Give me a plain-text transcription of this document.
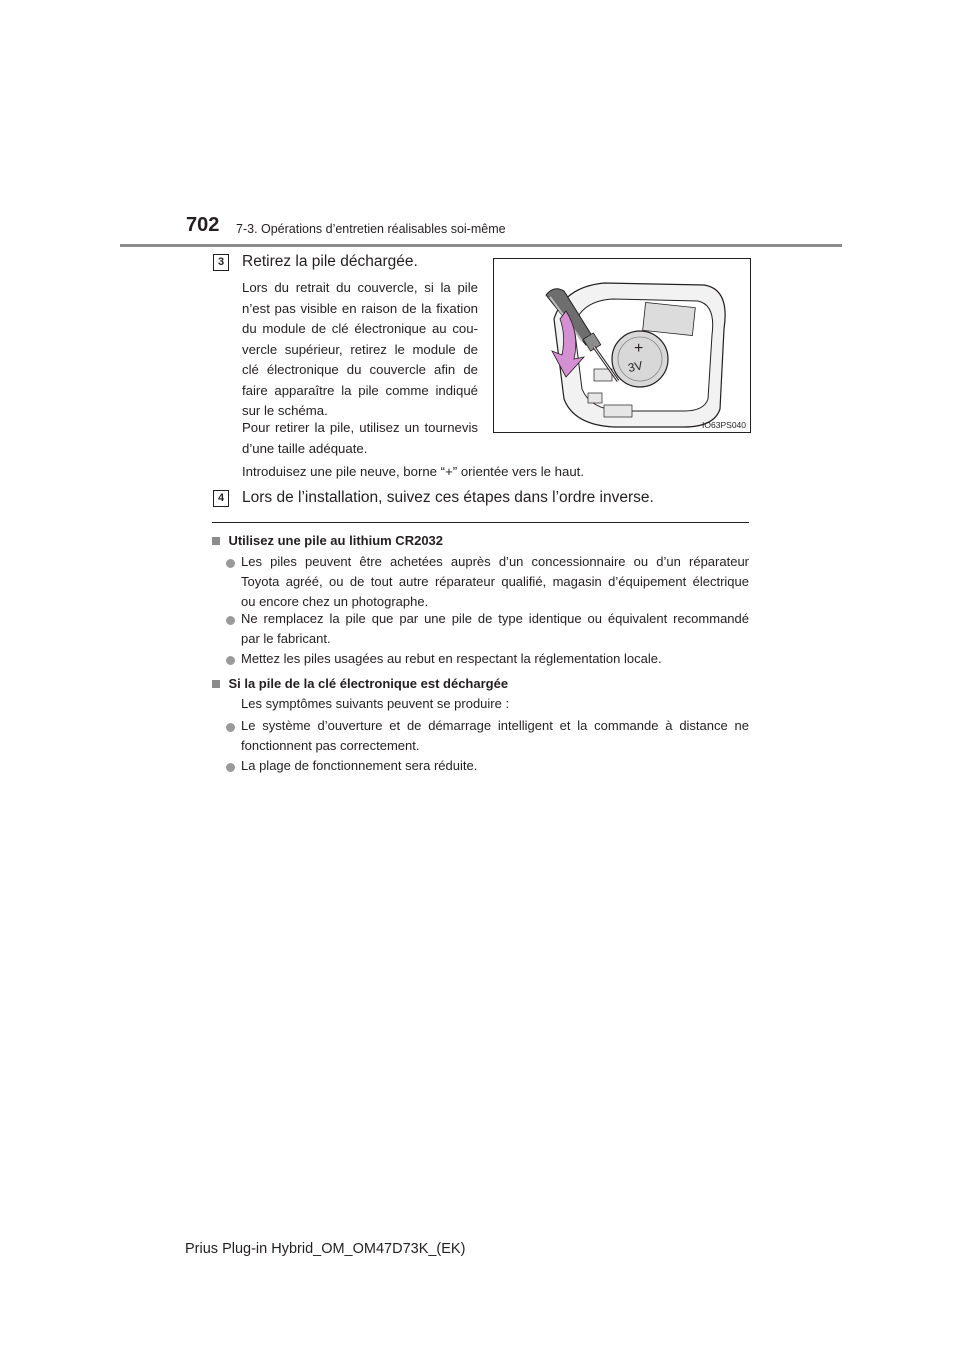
702 7-3. Opérations d’entretien réalisables soi-même
3	Retirez la pile déchargée.
Lors du retrait du couvercle, si la pile
n’est pas visible en raison de la fixation
du module de clé électronique au cou-
vercle supérieur, retirez le module de
clé électronique du couvercle afin de
faire apparaître la pile comme indiqué
sur le schéma.
Pour retirer la pile, utilisez un tournevis
d’une taille adéquate.
Introduisez une pile neuve, borne “+” orientée vers le haut.
+
3V
IO63PS040
4	Lors de l’installation, suivez ces étapes dans l’ordre inverse.
Utilisez une pile au lithium CR2032
Les piles peuvent être achetées auprès d’un concessionnaire ou d’un réparateur
Toyota agréé, ou de tout autre réparateur qualifié, magasin d’équipement électrique
ou encore chez un photographe.
Ne remplacez la pile que par une pile de type identique ou équivalent recommandé
par le fabricant.
Mettez les piles usagées au rebut en respectant la réglementation locale.
Si la pile de la clé électronique est déchargée
Les symptômes suivants peuvent se produire :
Le système d’ouverture et de démarrage intelligent et la commande à distance ne
fonctionnent pas correctement.
La plage de fonctionnement sera réduite.
Prius Plug-in Hybrid_OM_OM47D73K_(EK)
